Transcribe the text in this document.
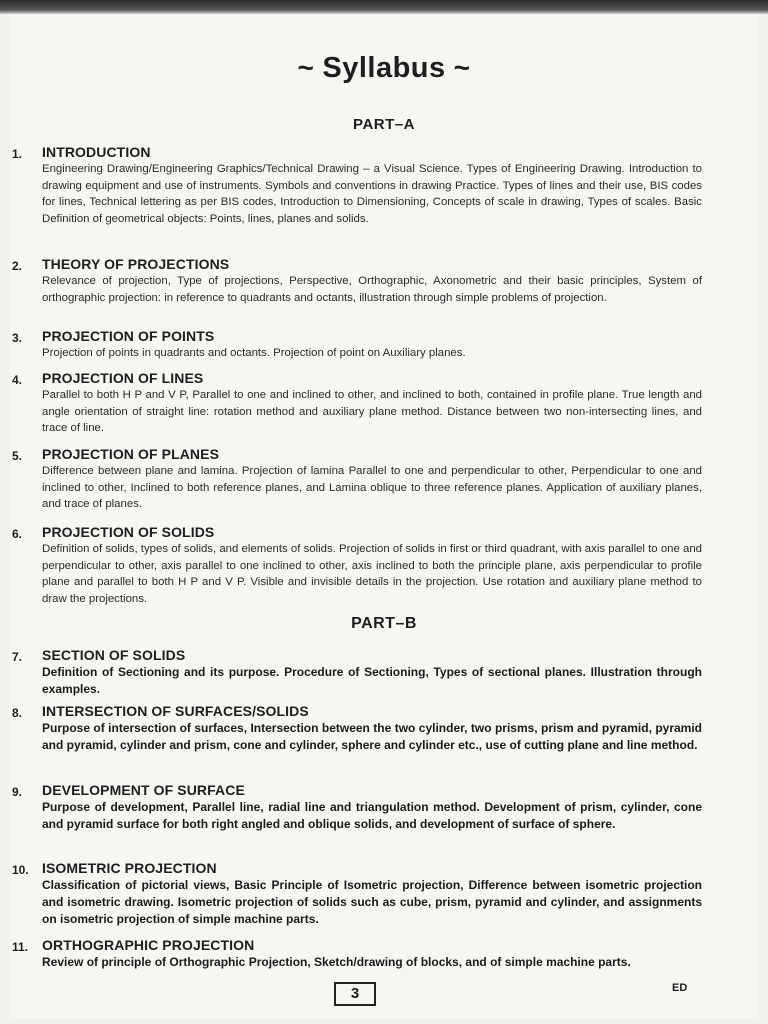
~ Syllabus ~
PART–A
1.	INTRODUCTION
Engineering Drawing/Engineering Graphics/Technical Drawing – a Visual Science. Types of Engineering Drawing. Introduction to drawing equipment and use of instruments. Symbols and conventions in drawing Practice. Types of lines and their use, BIS codes for lines, Technical lettering as per BIS codes, Introduction to Dimensioning, Concepts of scale in drawing, Types of scales. Basic Definition of geometrical objects: Points, lines, planes and solids.
2.	THEORY OF PROJECTIONS
Relevance of projection, Type of projections, Perspective, Orthographic, Axonometric and their basic principles, System of orthographic projection: in reference to quadrants and octants, illustration through simple problems of projection.
3.	PROJECTION OF POINTS
Projection of points in quadrants and octants. Projection of point on Auxiliary planes.
4.	PROJECTION OF LINES
Parallel to both H P and V P, Parallel to one and inclined to other, and inclined to both, contained in profile plane. True length and angle orientation of straight line: rotation method and auxiliary plane method. Distance between two non-intersecting lines, and trace of line.
5.	PROJECTION OF PLANES
Difference between plane and lamina. Projection of lamina Parallel to one and perpendicular to other, Perpendicular to one and inclined to other, Inclined to both reference planes, and Lamina oblique to three reference planes. Application of auxiliary planes, and trace of planes.
6.	PROJECTION OF SOLIDS
Definition of solids, types of solids, and elements of solids. Projection of solids in first or third quadrant, with axis parallel to one and perpendicular to other, axis parallel to one inclined to other, axis inclined to both the principle plane, axis perpendicular to profile plane and parallel to both H P and V P. Visible and invisible details in the projection. Use rotation and auxiliary plane method to draw the projections.
PART–B
7.	SECTION OF SOLIDS
Definition of Sectioning and its purpose. Procedure of Sectioning, Types of sectional planes. Illustration through examples.
8.	INTERSECTION OF SURFACES/SOLIDS
Purpose of intersection of surfaces, Intersection between the two cylinder, two prisms, prism and pyramid, pyramid and pyramid, cylinder and prism, cone and cylinder, sphere and cylinder etc., use of cutting plane and line method.
9.	DEVELOPMENT OF SURFACE
Purpose of development, Parallel line, radial line and triangulation method. Development of prism, cylinder, cone and pyramid surface for both right angled and oblique solids, and development of surface of sphere.
10. ISOMETRIC PROJECTION
Classification of pictorial views, Basic Principle of Isometric projection, Difference between isometric projection and isometric drawing. Isometric projection of solids such as cube, prism, pyramid and cylinder, and assignments on isometric projection of simple machine parts.
11. ORTHOGRAPHIC PROJECTION
Review of principle of Orthographic Projection, Sketch/drawing of blocks, and of simple machine parts.
3	ED
